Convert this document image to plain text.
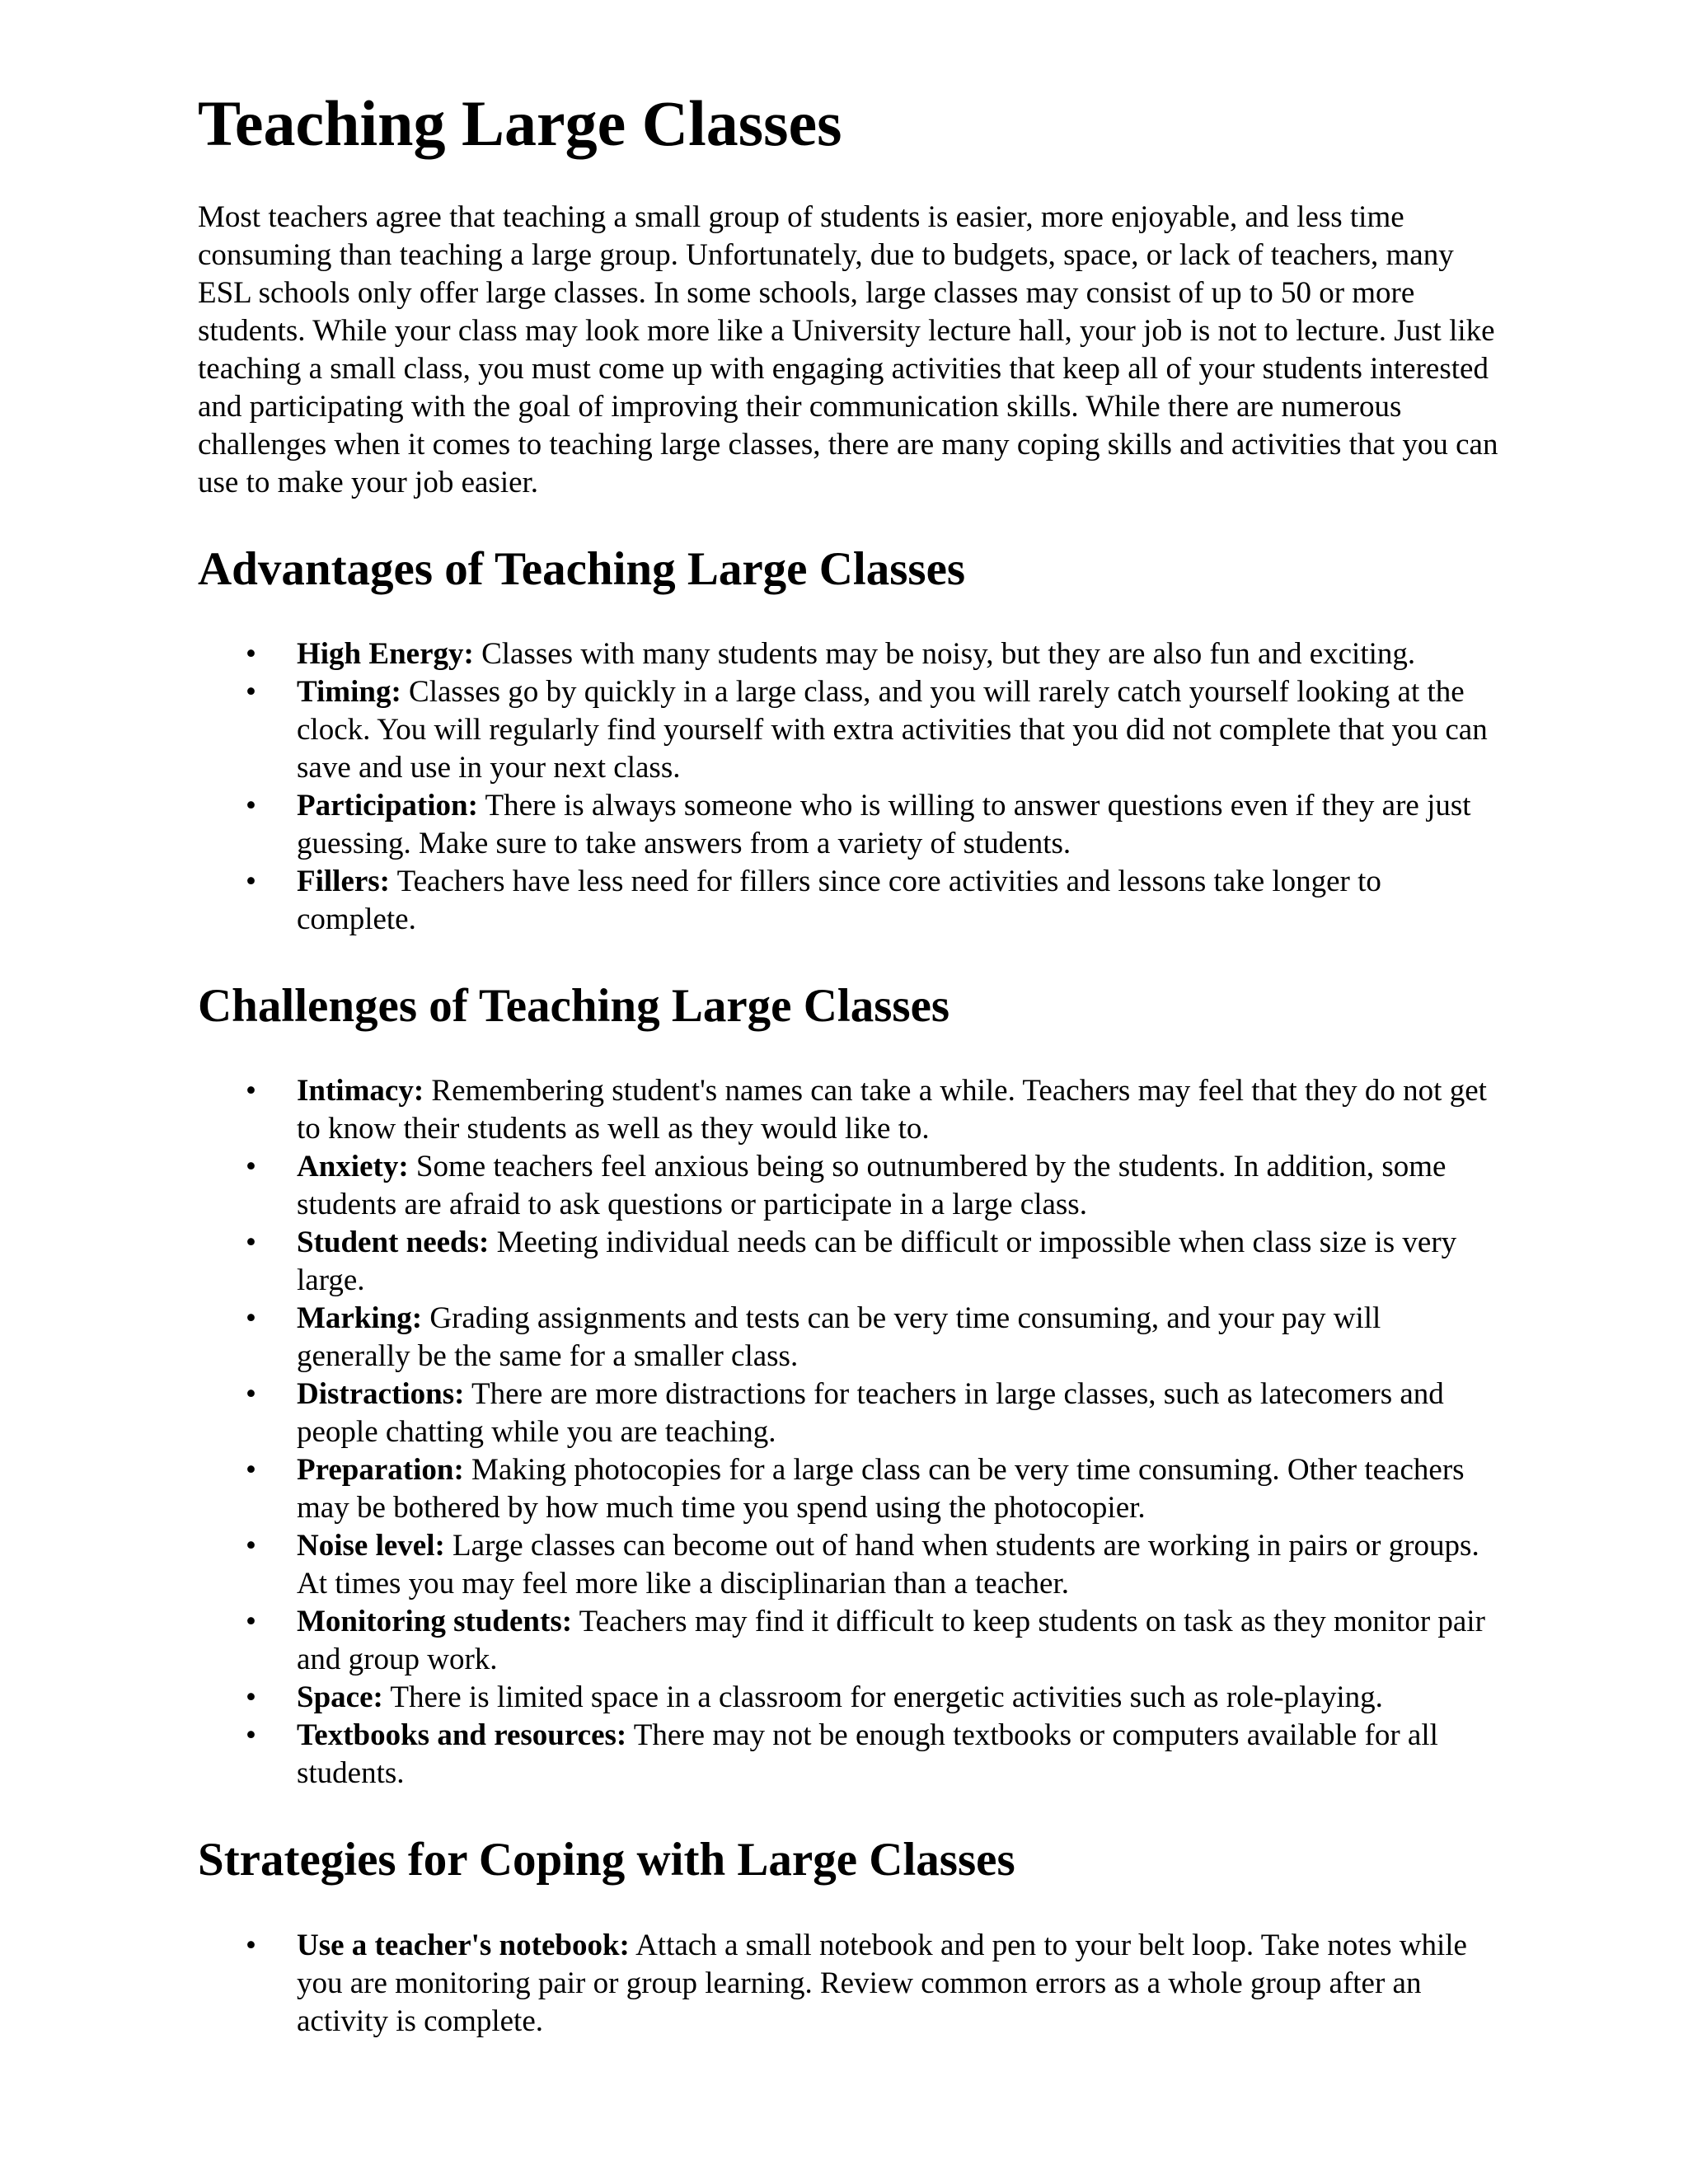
Teaching Large Classes

Most teachers agree that teaching a small group of students is easier, more enjoyable, and less time consuming than teaching a large group. Unfortunately, due to budgets, space, or lack of teachers, many ESL schools only offer large classes. In some schools, large classes may consist of up to 50 or more students. While your class may look more like a University lecture hall, your job is not to lecture. Just like teaching a small class, you must come up with engaging activities that keep all of your students interested and participating with the goal of improving their communication skills. While there are numerous challenges when it comes to teaching large classes, there are many coping skills and activities that you can use to make your job easier.

Advantages of Teaching Large Classes
• High Energy: Classes with many students may be noisy, but they are also fun and exciting.
• Timing: Classes go by quickly in a large class, and you will rarely catch yourself looking at the clock. You will regularly find yourself with extra activities that you did not complete that you can save and use in your next class.
• Participation: There is always someone who is willing to answer questions even if they are just guessing. Make sure to take answers from a variety of students.
• Fillers: Teachers have less need for fillers since core activities and lessons take longer to complete.
Challenges of Teaching Large Classes
• Intimacy: Remembering student's names can take a while. Teachers may feel that they do not get to know their students as well as they would like to.
• Anxiety: Some teachers feel anxious being so outnumbered by the students. In addition, some students are afraid to ask questions or participate in a large class.
• Student needs: Meeting individual needs can be difficult or impossible when class size is very large.
• Marking: Grading assignments and tests can be very time consuming, and your pay will generally be the same for a smaller class.
• Distractions: There are more distractions for teachers in large classes, such as latecomers and people chatting while you are teaching.
• Preparation: Making photocopies for a large class can be very time consuming. Other teachers may be bothered by how much time you spend using the photocopier.
• Noise level: Large classes can become out of hand when students are working in pairs or groups. At times you may feel more like a disciplinarian than a teacher.
• Monitoring students: Teachers may find it difficult to keep students on task as they monitor pair and group work.
• Space: There is limited space in a classroom for energetic activities such as role-playing.
• Textbooks and resources: There may not be enough textbooks or computers available for all students.
Strategies for Coping with Large Classes
• Use a teacher's notebook: Attach a small notebook and pen to your belt loop. Take notes while you are monitoring pair or group learning. Review common errors as a whole group after an activity is complete.
